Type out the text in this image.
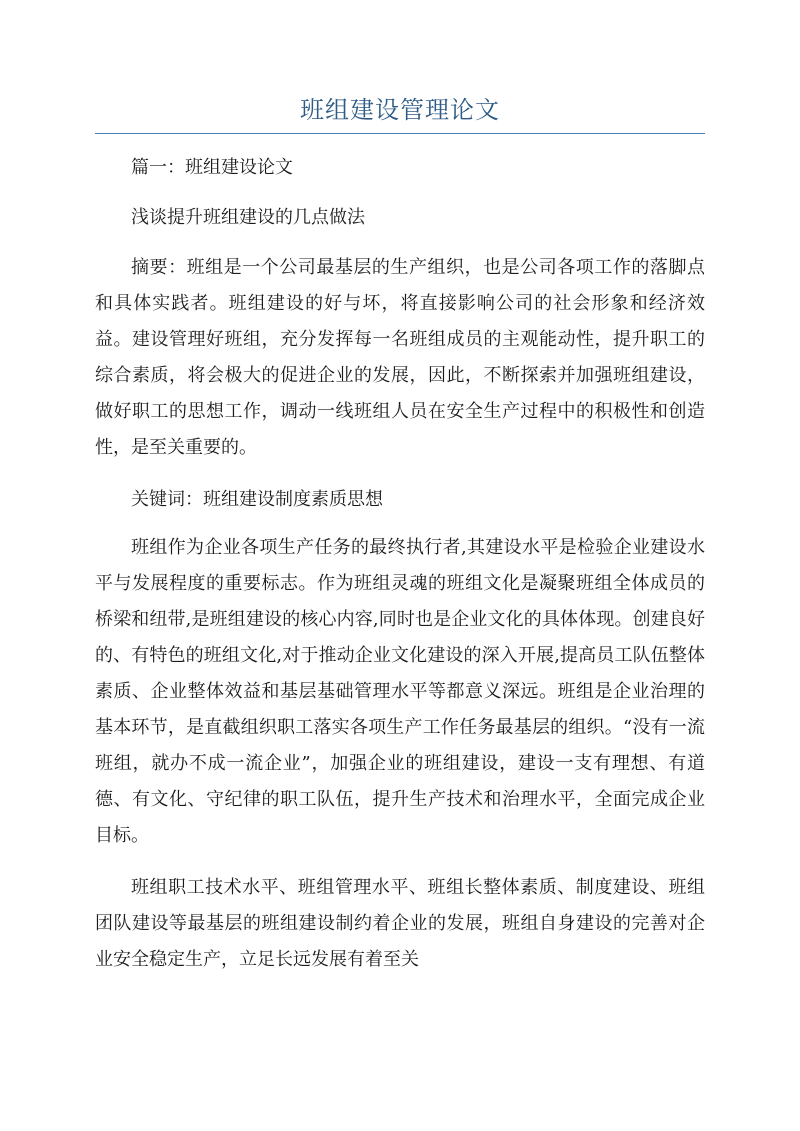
班组建设管理论文

篇一：班组建设论文

浅谈提升班组建设的几点做法

摘要：班组是一个公司最基层的生产组织，也是公司各项工作的落脚点和具体实践者。班组建设的好与坏，将直接影响公司的社会形象和经济效益。建设管理好班组，充分发挥每一名班组成员的主观能动性，提升职工的综合素质，将会极大的促进企业的发展，因此，不断探索并加强班组建设，做好职工的思想工作，调动一线班组人员在安全生产过程中的积极性和创造性，是至关重要的。

关键词：班组建设制度素质思想

班组作为企业各项生产任务的最终执行者,其建设水平是检验企业建设水平与发展程度的重要标志。作为班组灵魂的班组文化是凝聚班组全体成员的桥梁和纽带,是班组建设的核心内容,同时也是企业文化的具体体现。创建良好的、有特色的班组文化,对于推动企业文化建设的深入开展,提高员工队伍整体素质、企业整体效益和基层基础管理水平等都意义深远。班组是企业治理的基本环节，是直截组织职工落实各项生产工作任务最基层的组织。“没有一流班组，就办不成一流企业”，加强企业的班组建设，建设一支有理想、有道德、有文化、守纪律的职工队伍，提升生产技术和治理水平，全面完成企业目标。

班组职工技术水平、班组管理水平、班组长整体素质、制度建设、班组团队建设等最基层的班组建设制约着企业的发展，班组自身建设的完善对企业安全稳定生产，立足长远发展有着至关
